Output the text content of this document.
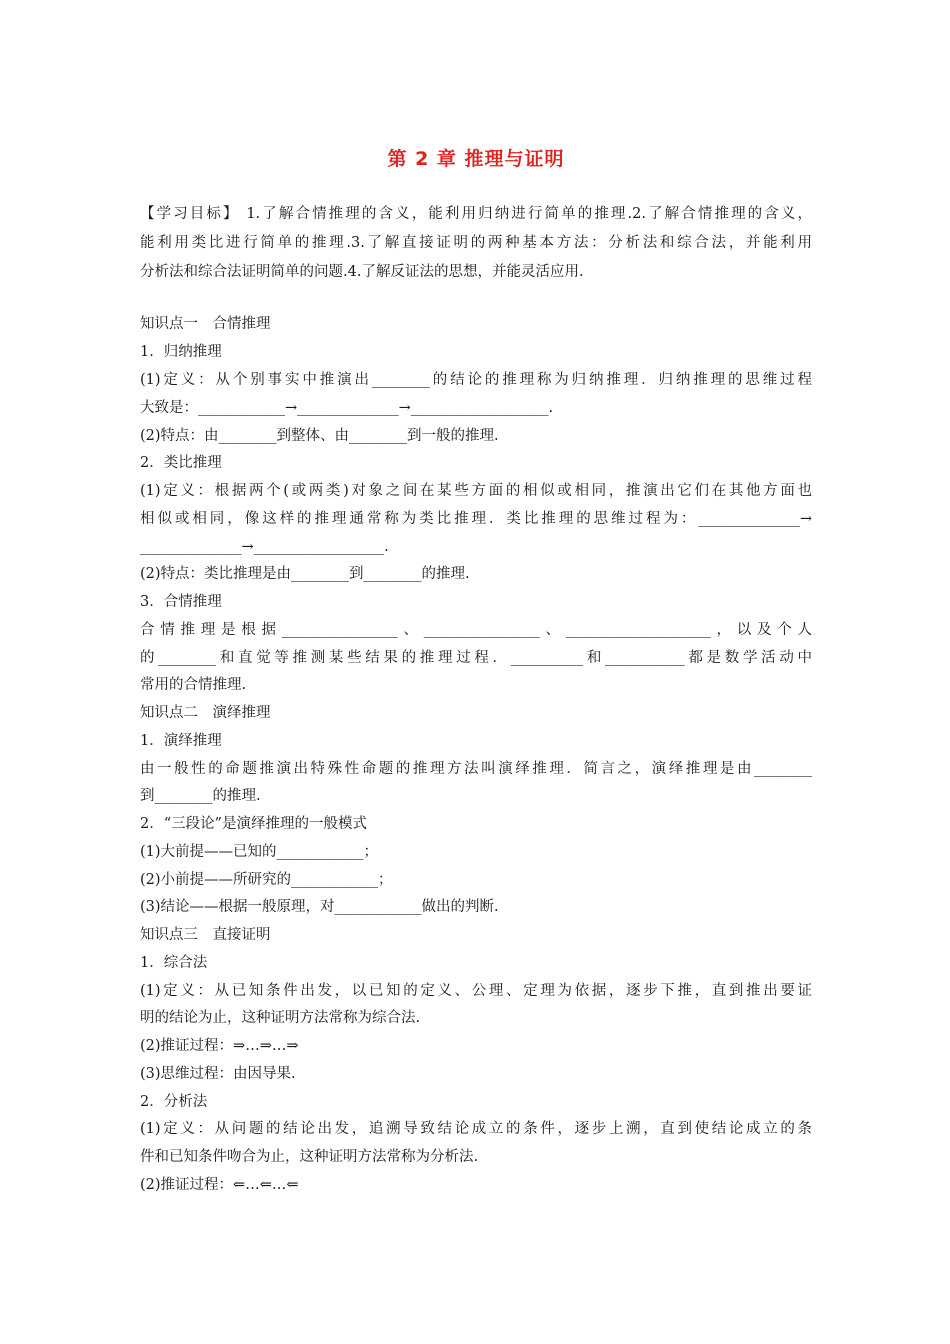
第 2 章 推理与证明
【学习目标】 1.了解合情推理的含义，能利用归纳进行简单的推理.2.了解合情推理的含义，
能利用类比进行简单的推理.3.了解直接证明的两种基本方法：分析法和综合法，并能利用
分析法和综合法证明简单的问题.4.了解反证法的思想，并能灵活应用.
知识点一　合情推理
1．归纳推理
(1)定义：从个别事实中推演出________的结论的推理称为归纳推理．归纳推理的思维过程
大致是：____________→______________→___________________.
(2)特点：由________到整体、由________到一般的推理.
2．类比推理
(1)定义：根据两个(或两类)对象之间在某些方面的相似或相同，推演出它们在其他方面也
相似或相同，像这样的推理通常称为类比推理．类比推理的思维过程为：______________→
______________→__________________.
(2)特点：类比推理是由________到________的推理.
3．合情推理
合情推理是根据________________、________________、____________________，以及个人
的________和直觉等推测某些结果的推理过程．__________和___________都是数学活动中
常用的合情推理.
知识点二　演绎推理
1．演绎推理
由一般性的命题推演出特殊性命题的推理方法叫演绎推理．简言之，演绎推理是由________
到________的推理.
2．“三段论”是演绎推理的一般模式
(1)大前提——已知的____________；
(2)小前提——所研究的____________；
(3)结论——根据一般原理，对____________做出的判断.
知识点三　直接证明
1．综合法
(1)定义：从已知条件出发，以已知的定义、公理、定理为依据，逐步下推，直到推出要证
明的结论为止，这种证明方法常称为综合法.
(2)推证过程：⇒…⇒…⇒
(3)思维过程：由因导果.
2．分析法
(1)定义：从问题的结论出发，追溯导致结论成立的条件，逐步上溯，直到使结论成立的条
件和已知条件吻合为止，这种证明方法常称为分析法.
(2)推证过程：⇐…⇐…⇐
